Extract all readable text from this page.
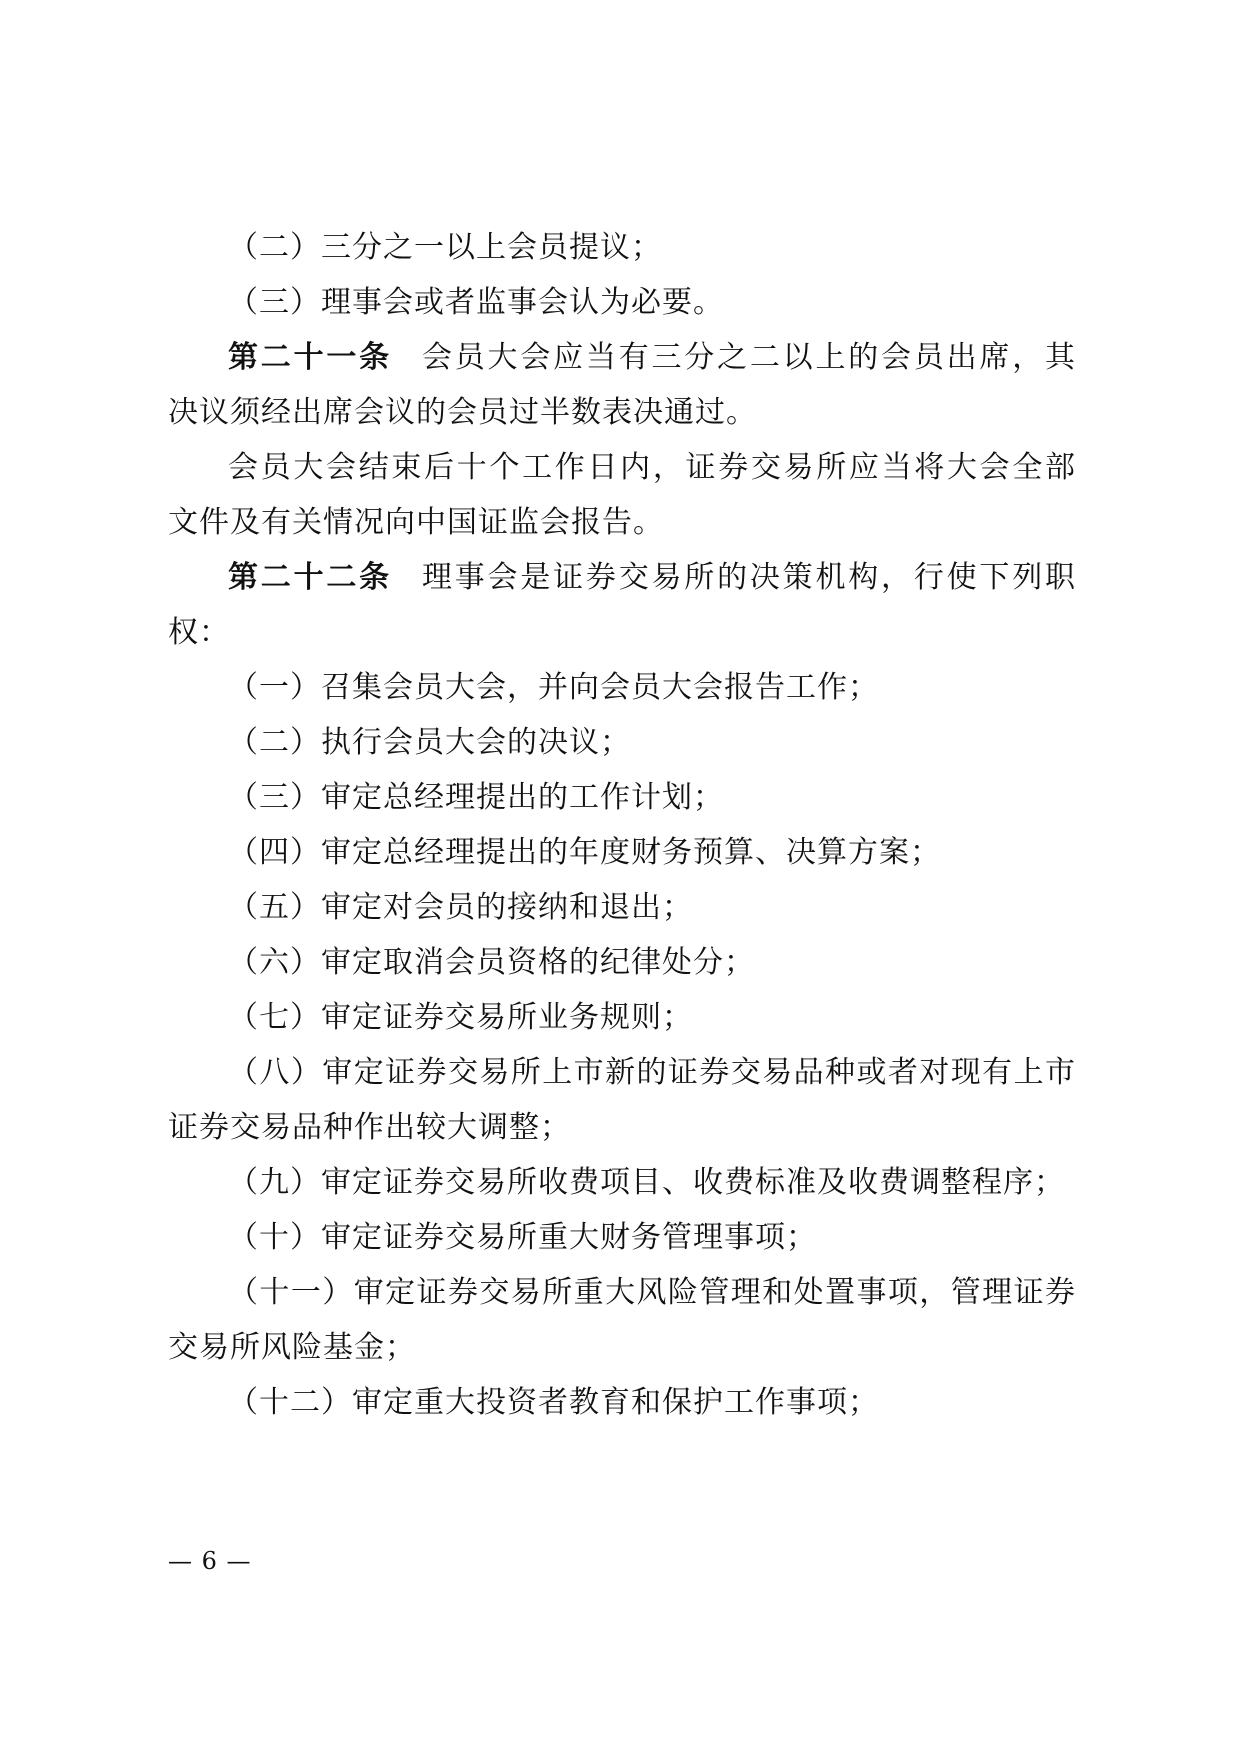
（二）三分之一以上会员提议；
（三）理事会或者监事会认为必要。
第二十一条 会员大会应当有三分之二以上的会员出席，其
决议须经出席会议的会员过半数表决通过。
会员大会结束后十个工作日内，证券交易所应当将大会全部
文件及有关情况向中国证监会报告。
第二十二条 理事会是证券交易所的决策机构，行使下列职
权：
（一）召集会员大会，并向会员大会报告工作；
（二）执行会员大会的决议；
（三）审定总经理提出的工作计划；
（四）审定总经理提出的年度财务预算、决算方案；
（五）审定对会员的接纳和退出；
（六）审定取消会员资格的纪律处分；
（七）审定证券交易所业务规则；
（八）审定证券交易所上市新的证券交易品种或者对现有上市
证券交易品种作出较大调整；
（九）审定证券交易所收费项目、收费标准及收费调整程序；
（十）审定证券交易所重大财务管理事项；
（十一）审定证券交易所重大风险管理和处置事项，管理证券
交易所风险基金；
（十二）审定重大投资者教育和保护工作事项；
— 6 —
